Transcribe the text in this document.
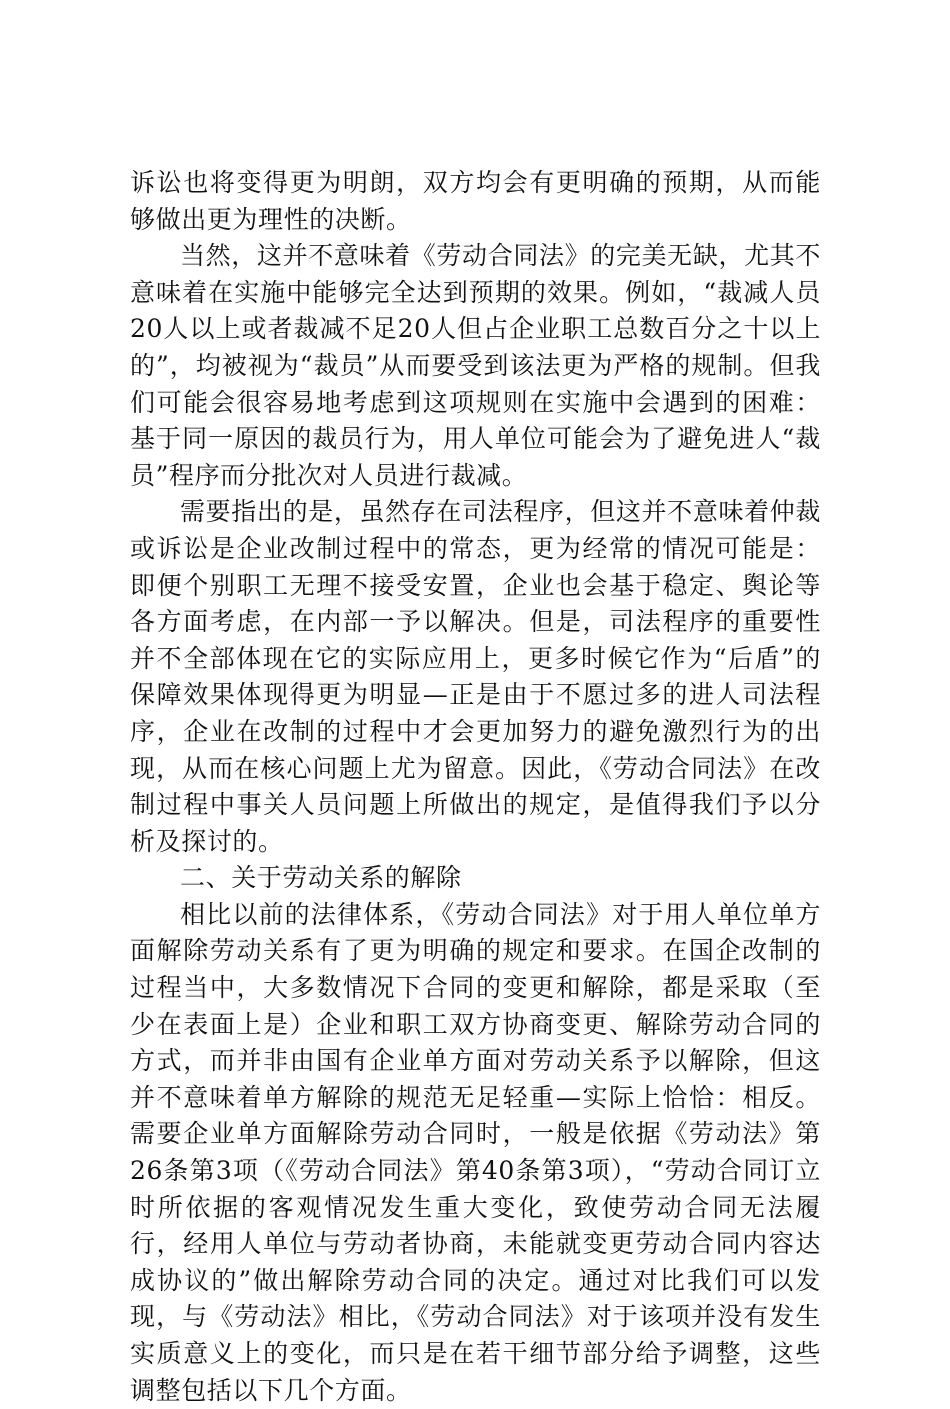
诉讼也将变得更为明朗，双方均会有更明确的预期，从而能够做出更为理性的决断。

当然，这并不意味着《劳动合同法》的完美无缺，尤其不意味着在实施中能够完全达到预期的效果。例如，“裁减人员20人以上或者裁减不足20人但占企业职工总数百分之十以上的”，均被视为“裁员”从而要受到该法更为严格的规制。但我们可能会很容易地考虑到这项规则在实施中会遇到的困难：基于同一原因的裁员行为，用人单位可能会为了避免进人“裁员”程序而分批次对人员进行裁减。

需要指出的是，虽然存在司法程序，但这并不意味着仲裁或诉讼是企业改制过程中的常态，更为经常的情况可能是：即便个别职工无理不接受安置，企业也会基于稳定、舆论等各方面考虑，在内部一予以解决。但是，司法程序的重要性并不全部体现在它的实际应用上，更多时候它作为“后盾”的保障效果体现得更为明显—正是由于不愿过多的进人司法程序，企业在改制的过程中才会更加努力的避免激烈行为的出现，从而在核心问题上尤为留意。因此，《劳动合同法》在改制过程中事关人员问题上所做出的规定，是值得我们予以分析及探讨的。

二、关于劳动关系的解除

相比以前的法律体系，《劳动合同法》对于用人单位单方面解除劳动关系有了更为明确的规定和要求。在国企改制的过程当中，大多数情况下合同的变更和解除，都是采取（至少在表面上是）企业和职工双方协商变更、解除劳动合同的方式，而并非由国有企业单方面对劳动关系予以解除，但这并不意味着单方解除的规范无足轻重—实际上恰恰：相反。需要企业单方面解除劳动合同时，一般是依据《劳动法》第26条第3项（《劳动合同法》第40条第3项），“劳动合同订立时所依据的客观情况发生重大变化，致使劳动合同无法履行，经用人单位与劳动者协商，未能就变更劳动合同内容达成协议的”做出解除劳动合同的决定。通过对比我们可以发现，与《劳动法》相比，《劳动合同法》对于该项并没有发生实质意义上的变化，而只是在若干细节部分给予调整，这些调整包括以下几个方面。
